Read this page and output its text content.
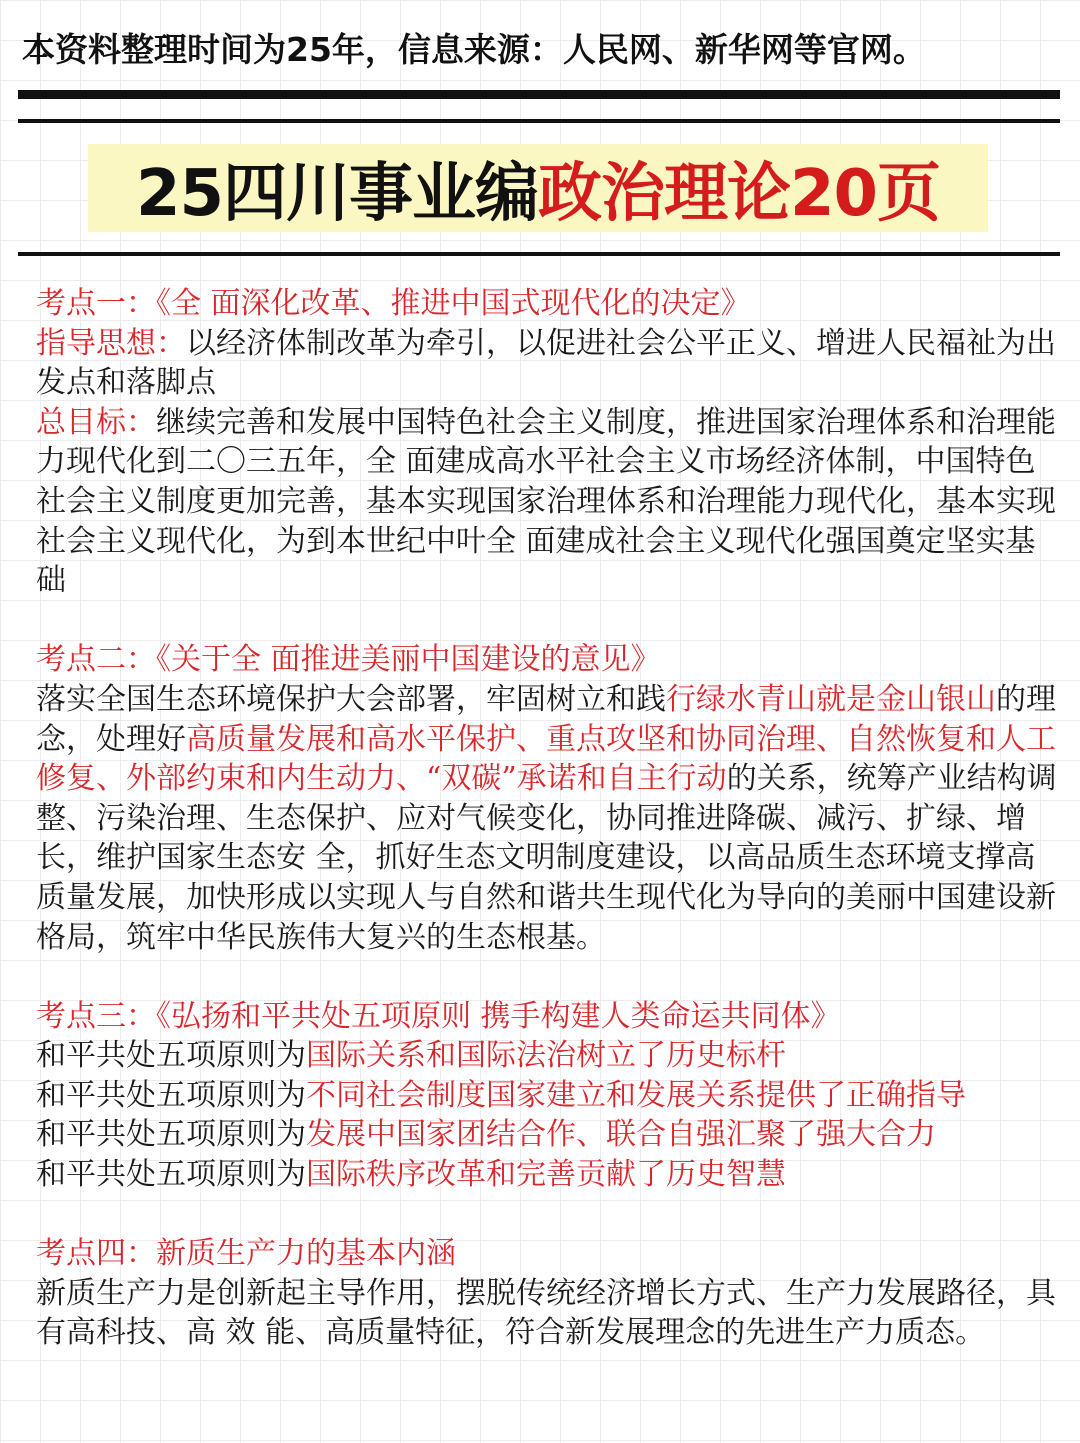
本资料整理时间为25年，信息来源：人民网、新华网等官网。
25四川事业编 政治理论20页

考点一：《全 面深化改革、推进中国式现代化的决定》

指导思想：以经济体制改革为牵引，以促进社会公平正义、增进人民福祉为出发点和落脚点

总目标：继续完善和发展中国特色社会主义制度，推进国家治理体系和治理能力现代化到二〇三五年，全 面建成高水平社会主义市场经济体制，中国特色社会主义制度更加完善，基本实现国家治理体系和治理能力现代化，基本实现社会主义现代化，为到本世纪中叶全 面建成社会主义现代化强国奠定坚实基础

考点二：《关于全 面推进美丽中国建设的意见》

落实全国生态环境保护大会部署，牢固树立和践行绿水青山就是金山银山的理念，处理好高质量发展和高水平保护、重点攻坚和协同治理、自然恢复和人工修复、外部约束和内生动力、“双碳”承诺和自主行动的关系，统筹产业结构调整、污染治理、生态保护、应对气候变化，协同推进降碳、减污、扩绿、增长，维护国家生态安 全，抓好生态文明制度建设，以高品质生态环境支撑高质量发展，加快形成以实现人与自然和谐共生现代化为导向的美丽中国建设新格局，筑牢中华民族伟大复兴的生态根基。

考点三：《弘扬和平共处五项原则 携手构建人类命运共同体》

和平共处五项原则为国际关系和国际法治树立了历史标杆

和平共处五项原则为不同社会制度国家建立和发展关系提供了正确指导

和平共处五项原则为发展中国家团结合作、联合自强汇聚了强大合力

和平共处五项原则为国际秩序改革和完善贡献了历史智慧

考点四：新质生产力的基本内涵

新质生产力是创新起主导作用，摆脱传统经济增长方式、生产力发展路径，具有高科技、高 效 能、高质量特征，符合新发展理念的先进生产力质态。
